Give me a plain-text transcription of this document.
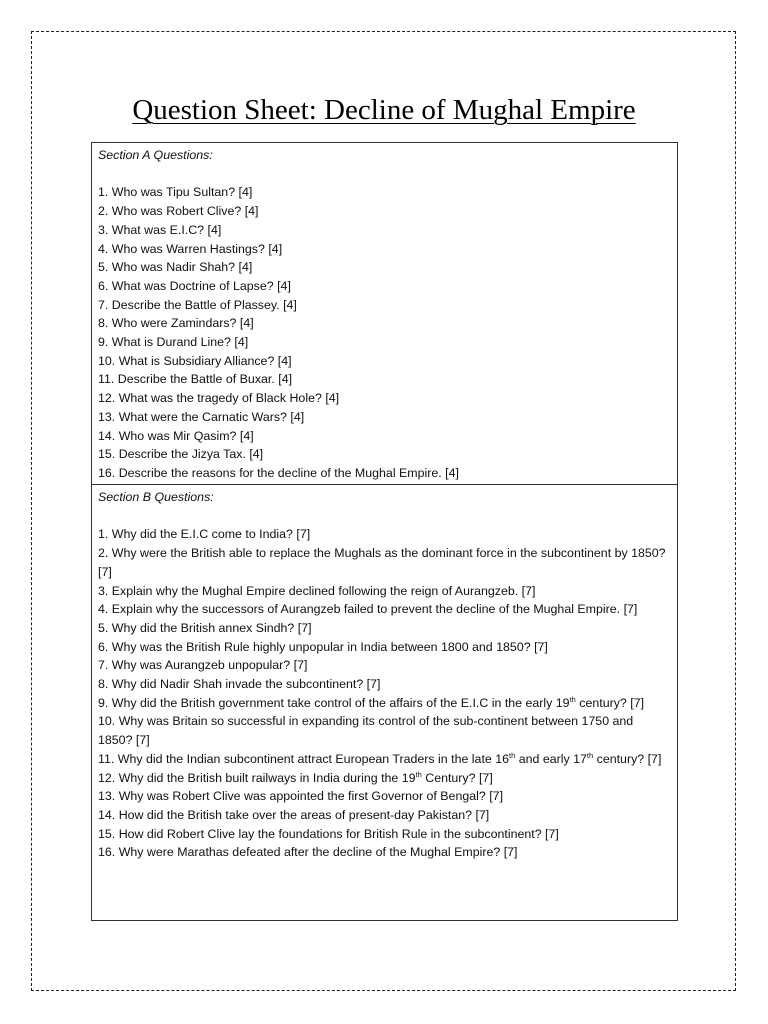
Question Sheet: Decline of Mughal Empire

Section A Questions:

1. Who was Tipu Sultan? [4]

2. Who was Robert Clive? [4]

3. What was E.I.C? [4]

4. Who was Warren Hastings? [4]

5. Who was Nadir Shah? [4]

6. What was Doctrine of Lapse? [4]

7. Describe the Battle of Plassey. [4]

8. Who were Zamindars? [4]

9. What is Durand Line? [4]

10. What is Subsidiary Alliance? [4]

11. Describe the Battle of Buxar. [4]

12. What was the tragedy of Black Hole? [4]

13. What were the Carnatic Wars? [4]

14. Who was Mir Qasim? [4]

15. Describe the Jizya Tax. [4]

16. Describe the reasons for the decline of the Mughal Empire. [4]

Section B Questions:

1. Why did the E.I.C come to India? [7]

2. Why were the British able to replace the Mughals as the dominant force in the subcontinent by 1850? [7]

3. Explain why the Mughal Empire declined following the reign of Aurangzeb. [7]

4. Explain why the successors of Aurangzeb failed to prevent the decline of the Mughal Empire. [7]

5. Why did the British annex Sindh? [7]

6. Why was the British Rule highly unpopular in India between 1800 and 1850? [7]

7. Why was Aurangzeb unpopular? [7]

8. Why did Nadir Shah invade the subcontinent? [7]

9. Why did the British government take control of the affairs of the E.I.C in the early 19th century? [7]

10. Why was Britain so successful in expanding its control of the sub-continent between 1750 and 1850? [7]

11. Why did the Indian subcontinent attract European Traders in the late 16th and early 17th century? [7]

12. Why did the British built railways in India during the 19th Century? [7]

13. Why was Robert Clive was appointed the first Governor of Bengal? [7]

14. How did the British take over the areas of present-day Pakistan? [7]

15. How did Robert Clive lay the foundations for British Rule in the subcontinent? [7]

16. Why were Marathas defeated after the decline of the Mughal Empire? [7]
